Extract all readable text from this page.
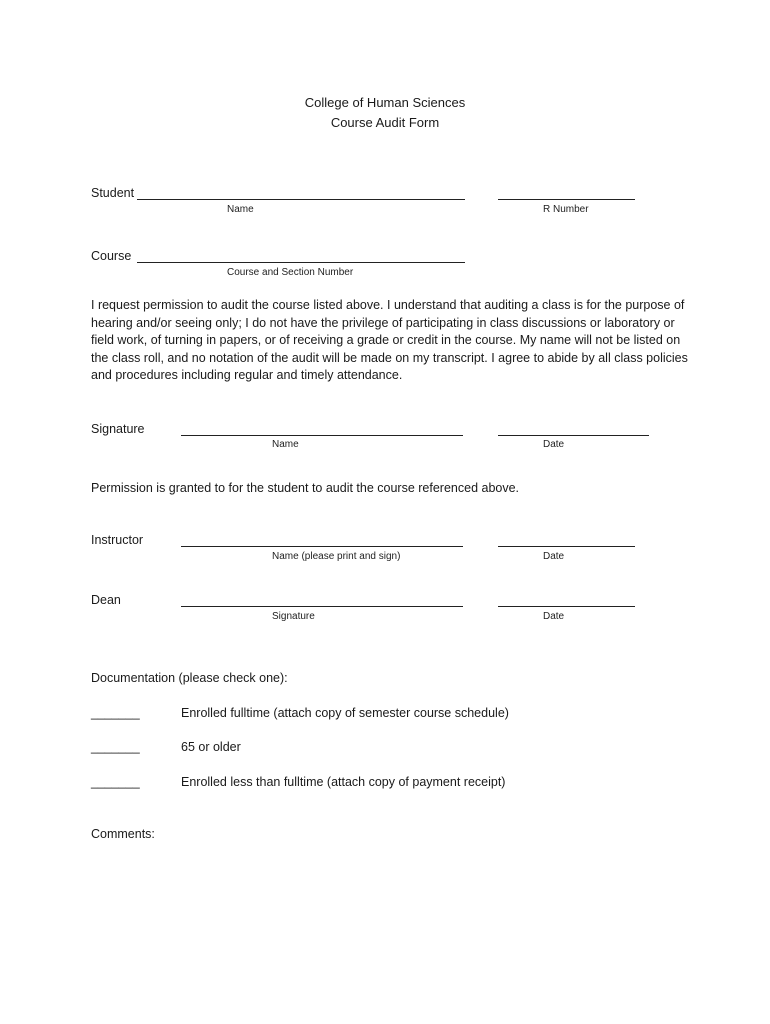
College of Human Sciences
Course Audit Form
Student
Name	R Number
Course
Course and Section Number
I request permission to audit the course listed above. I understand that auditing a class is for the purpose of hearing and/or seeing only; I do not have the privilege of participating in class discussions or laboratory or field work, of turning in papers, or of receiving a grade or credit in the course. My name will not be listed on the class roll, and no notation of the audit will be made on my transcript. I agree to abide by all class policies and procedures including regular and timely attendance.
Signature
Name	Date
Permission is granted to for the student to audit the course referenced above.
Instructor
Name (please print and sign)	Date
Dean
Signature	Date
Documentation (please check one):
_______	Enrolled fulltime (attach copy of semester course schedule)
_______	65 or older
_______	Enrolled less than fulltime (attach copy of payment receipt)
Comments:
